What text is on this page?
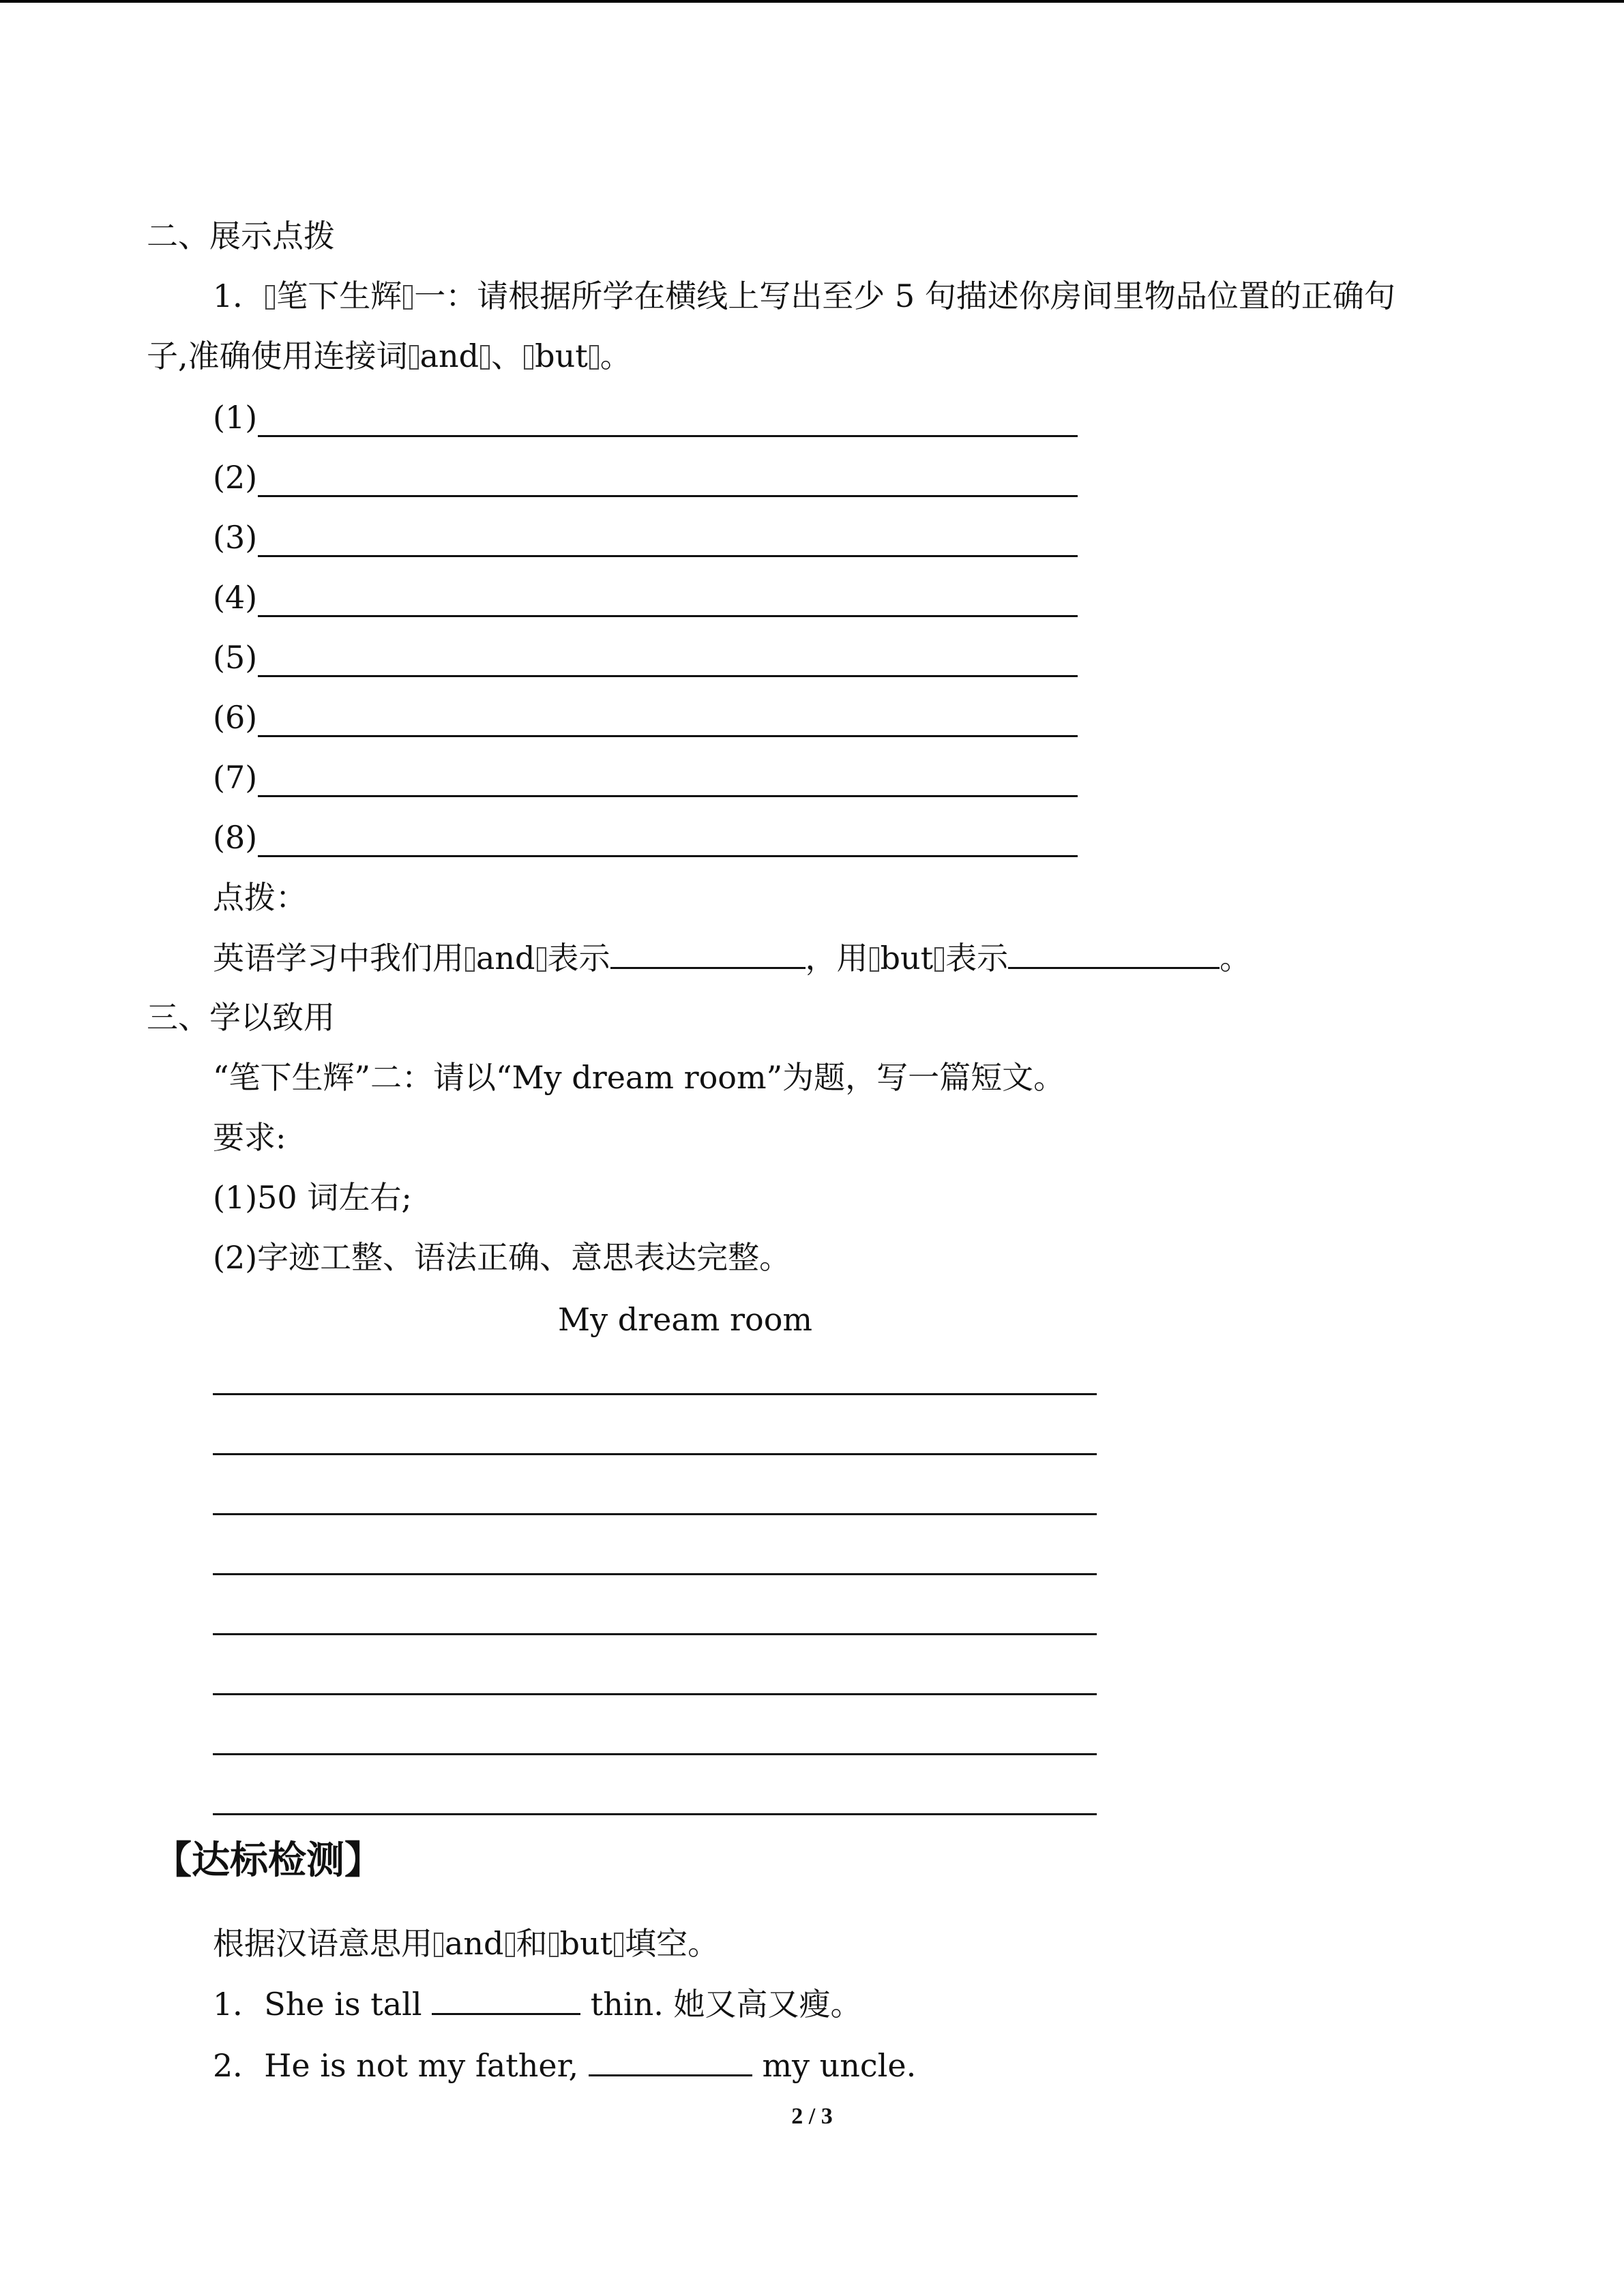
二、展示点拨
1． 笔下生辉 一：请根据所学在横线上写出至少 5 句描述你房间里物品位置的正确句
子,准确使用连接词 and 、 but 。
(1)
(2)
(3)
(4)
(5)
(6)
(7)
(8)
点拨：
英语学习中我们用 and 表示	，用 but 表示	。
三、学以致用
“笔下生辉”二：请以“My dream room”为题，写一篇短文。
要求:
(1)50 词左右;
(2)字迹工整、语法正确、意思表达完整。
My dream room
【达标检测】
根据汉语意思用 and 和 but 填空。
1．She is tall	thin. 她又高又瘦。
2．He is not my father,	my uncle.
2 / 3
